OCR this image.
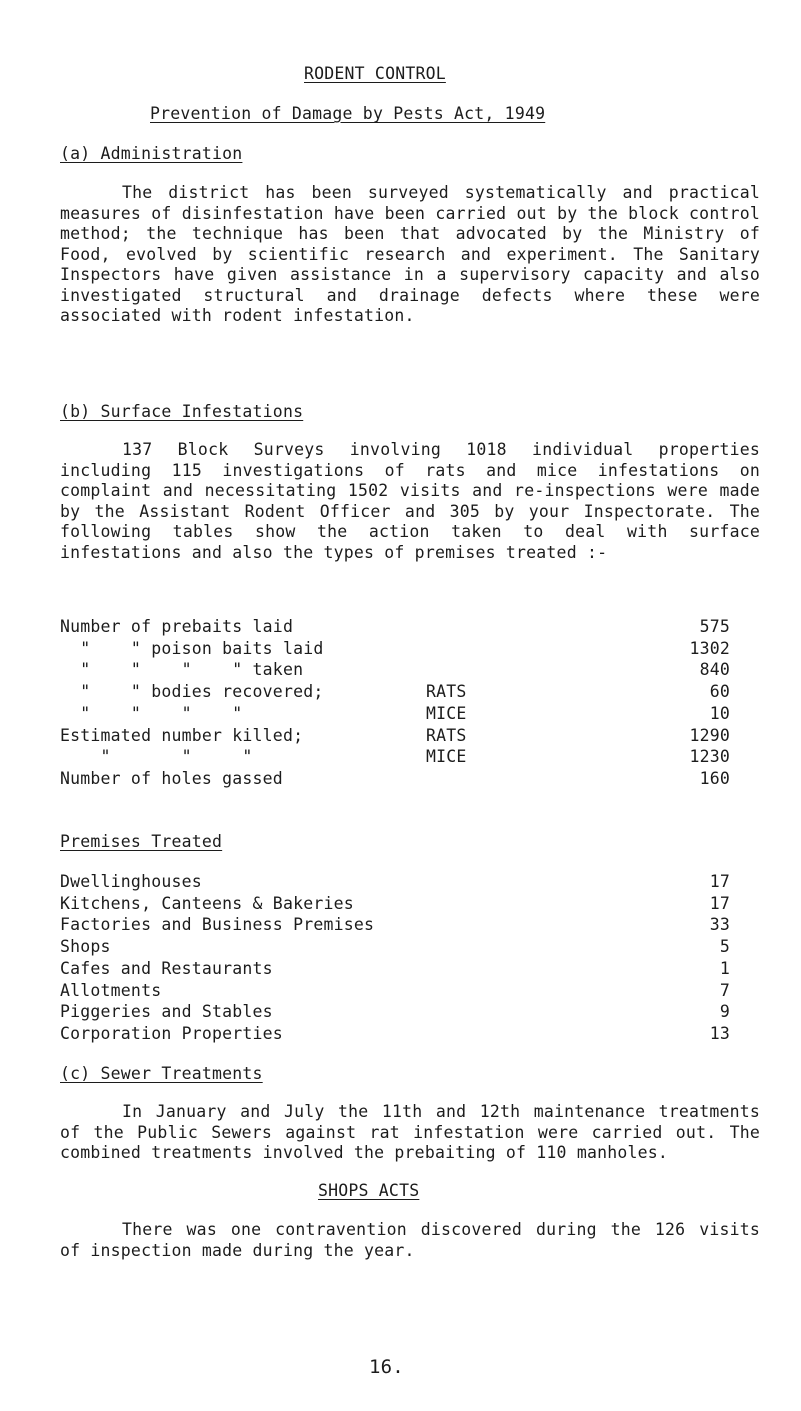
RODENT CONTROL
Prevention of Damage by Pests Act, 1949
(a) Administration
The district has been surveyed systematically and practical measures of disinfestation have been carried out by the block control method; the technique has been that advocated by the Ministry of Food, evolved by scientific research and experiment. The Sanitary Inspectors have given assistance in a supervisory capacity and also investigated structural and drainage defects where these were associated with rodent infestation.
(b) Surface Infestations
137 Block Surveys involving 1018 individual properties including 115 investigations of rats and mice infestations on complaint and necessitating 1502 visits and re-inspections were made by the Assistant Rodent Officer and 305 by your Inspectorate. The following tables show the action taken to deal with surface infestations and also the types of premises treated :-
Number of prebaits laid	575
"    " poison baits laid	1302
"    "    "    " taken	840
"    " bodies recovered;	RATS	60
"    "    "    "	MICE	10
Estimated number killed;	RATS	1290
"       "     "	MICE	1230
Number of holes gassed	160
Premises Treated
Dwellinghouses	17
Kitchens, Canteens & Bakeries	17
Factories and Business Premises	33
Shops	5
Cafes and Restaurants	1
Allotments	7
Piggeries and Stables	9
Corporation Properties	13
(c) Sewer Treatments
In January and July the 11th and 12th maintenance treatments of the Public Sewers against rat infestation were carried out. The combined treatments involved the prebaiting of 110 manholes.
SHOPS ACTS
There was one contravention discovered during the 126 visits of inspection made during the year.
16.
